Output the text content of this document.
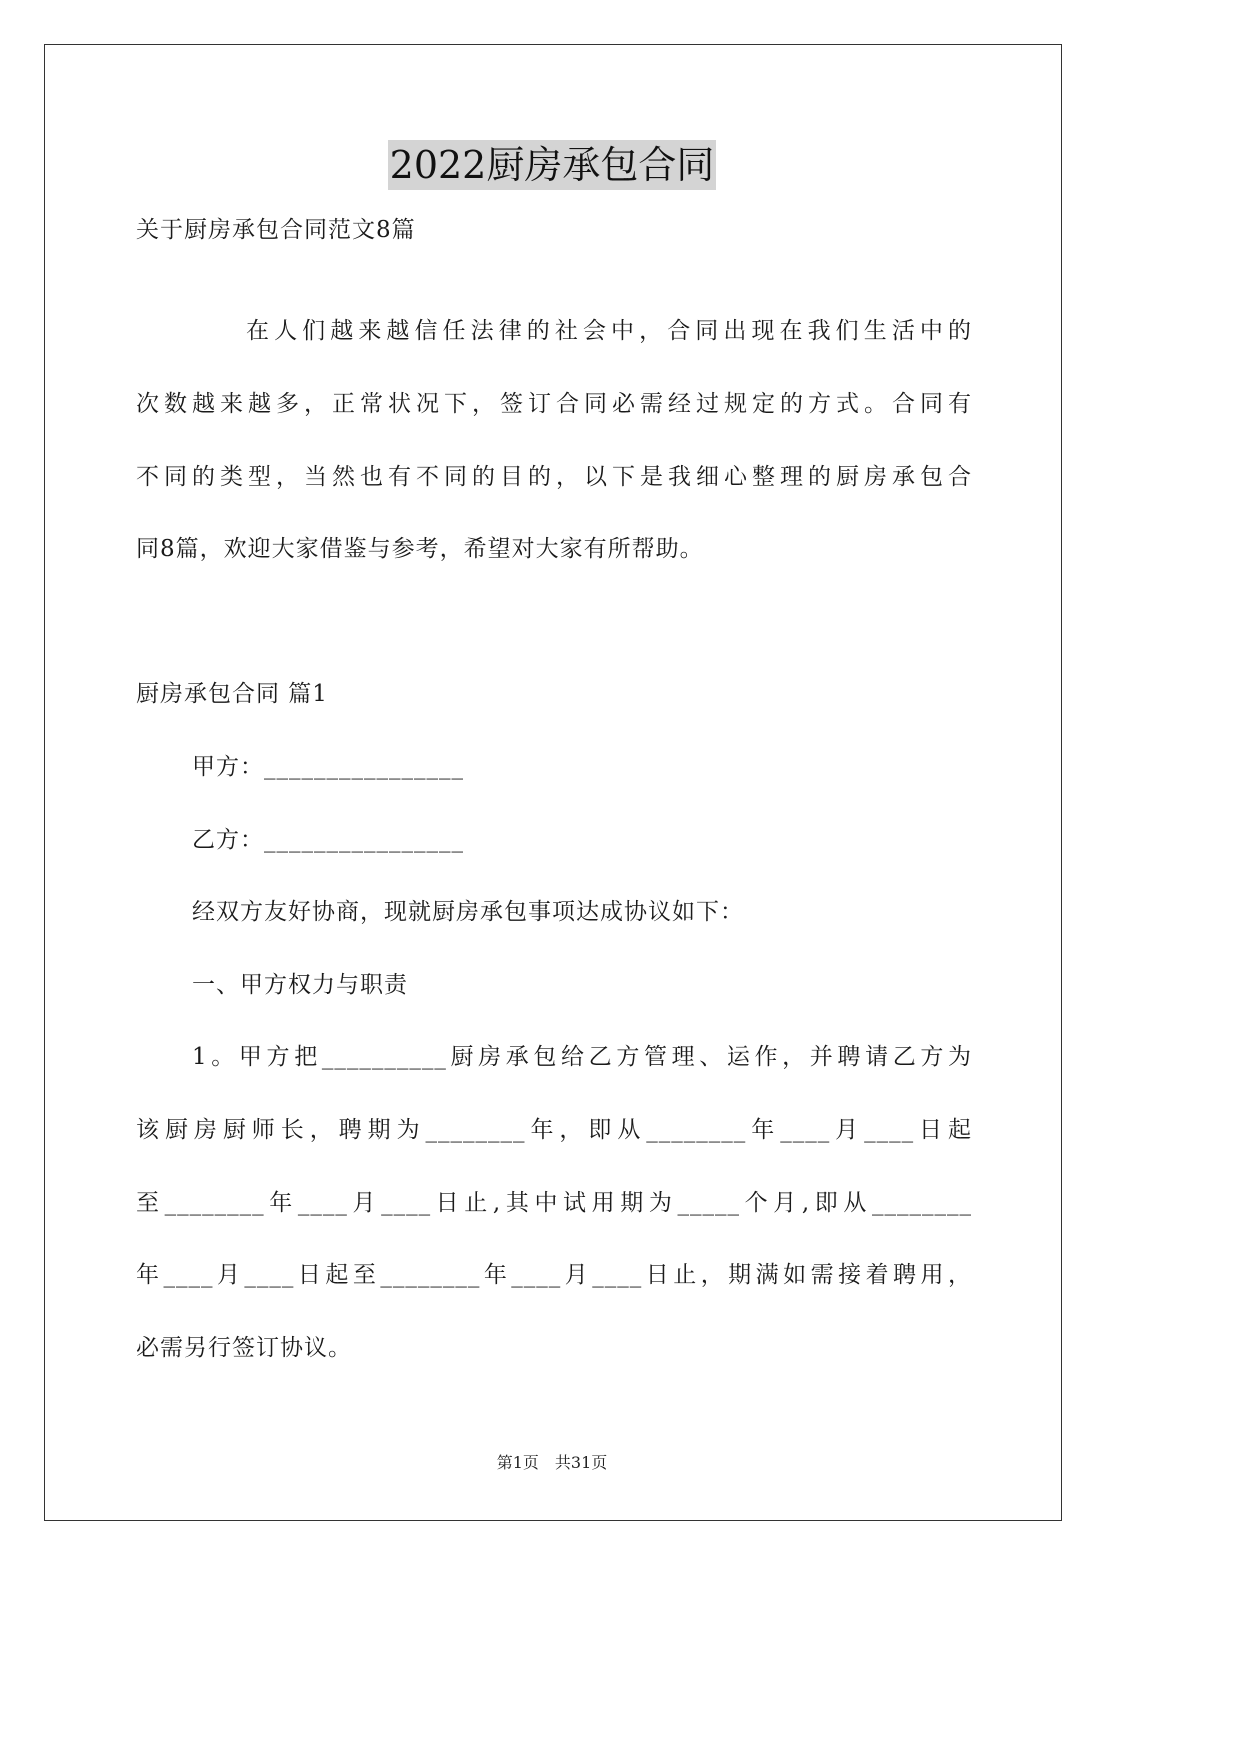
2022厨房承包合同
关于厨房承包合同范文8篇
在人们越来越信任法律的社会中，合同出现在我们生活中的
次数越来越多，正常状况下，签订合同必需经过规定的方式。合同有
不同的类型，当然也有不同的目的，以下是我细心整理的厨房承包合
同8篇，欢迎大家借鉴与参考，希望对大家有所帮助。
厨房承包合同 篇1
甲方：________________
乙方：________________
经双方友好协商，现就厨房承包事项达成协议如下：
一、甲方权力与职责
1。甲方把__________厨房承包给乙方管理、运作，并聘请乙方为
该厨房厨师长，聘期为________年，即从________年____月____日起
至________年____月____日止,其中试用期为_____个月,即从________
年____月____日起至________年____月____日止，期满如需接着聘用，
必需另行签订协议。
第1页　共31页
